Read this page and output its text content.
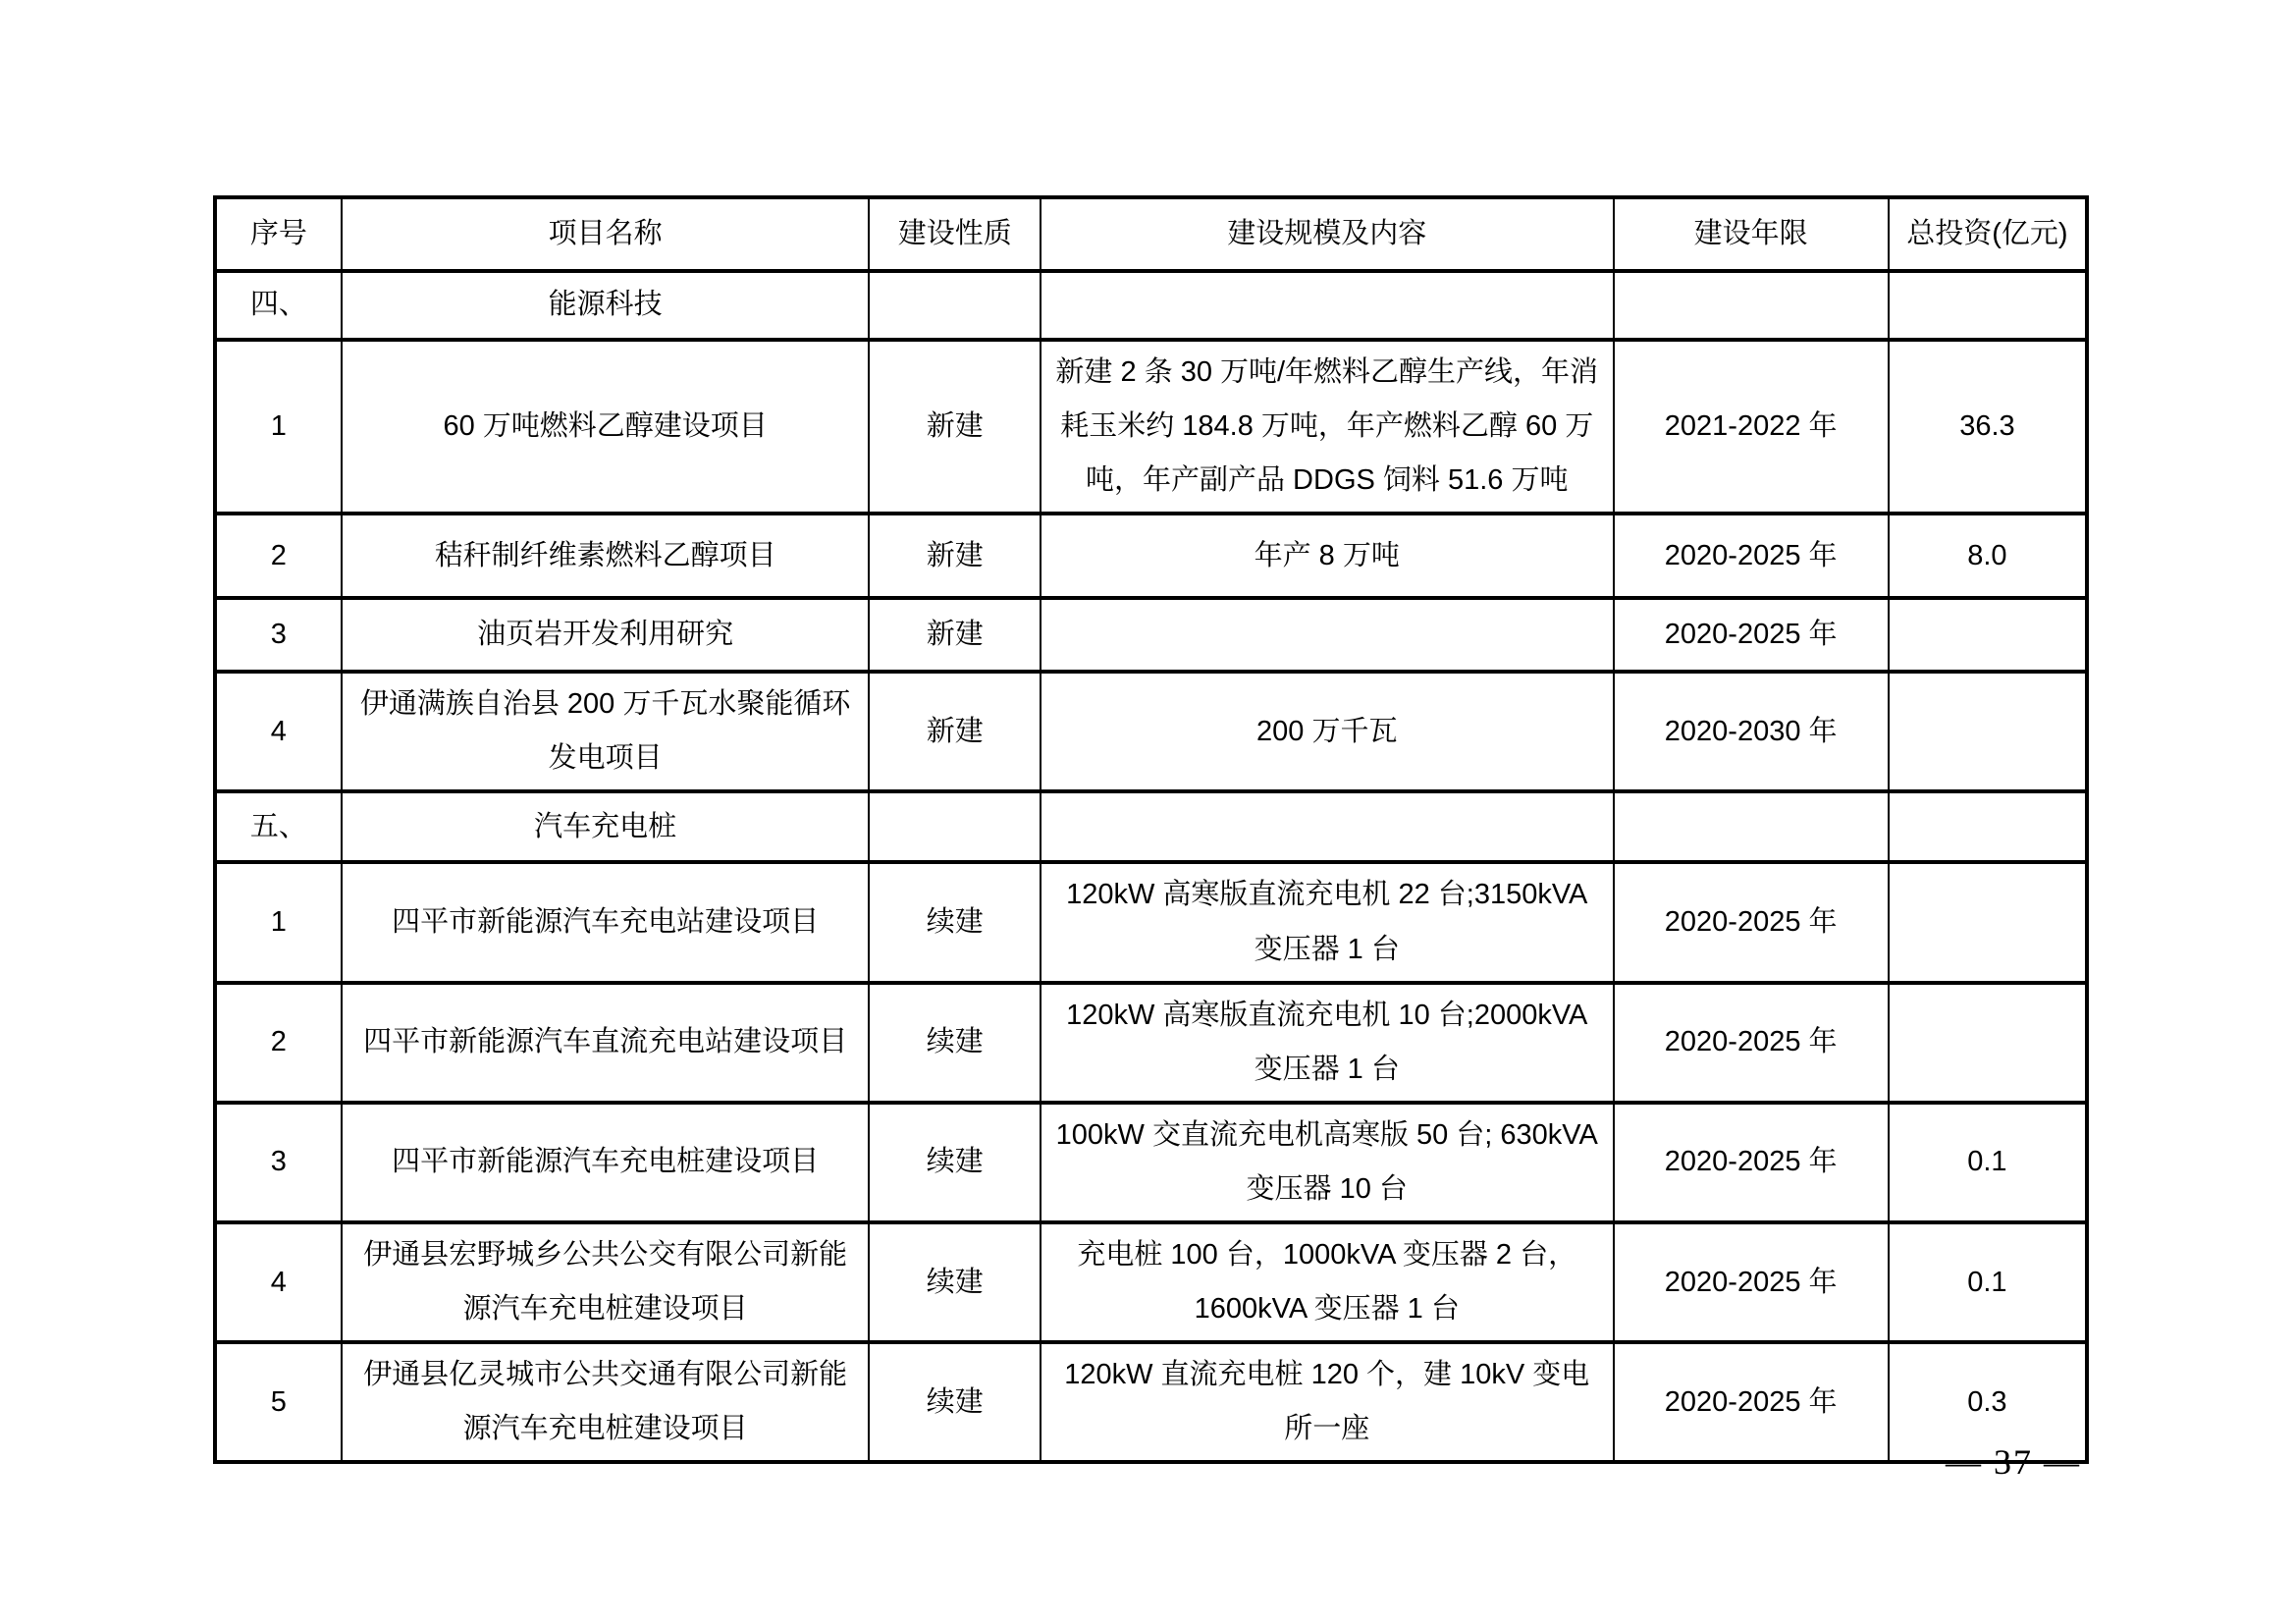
序号	项目名称	建设性质	建设规模及内容	建设年限	总投资(亿元)
四、	能源科技				
1	60 万吨燃料乙醇建设项目	新建	新建 2 条 30 万吨/年燃料乙醇生产线，年消耗玉米约 184.8 万吨，年产燃料乙醇 60 万吨，年产副产品 DDGS 饲料 51.6 万吨	2021-2022 年	36.3
2	秸秆制纤维素燃料乙醇项目	新建	年产 8 万吨	2020-2025 年	8.0
3	油页岩开发利用研究	新建		2020-2025 年	
4	伊通满族自治县 200 万千瓦水聚能循环发电项目	新建	200 万千瓦	2020-2030 年	
五、	汽车充电桩				
1	四平市新能源汽车充电站建设项目	续建	120kW 高寒版直流充电机 22 台;3150kVA 变压器 1 台	2020-2025 年	
2	四平市新能源汽车直流充电站建设项目	续建	120kW 高寒版直流充电机 10 台;2000kVA 变压器 1 台	2020-2025 年	
3	四平市新能源汽车充电桩建设项目	续建	100kW 交直流充电机高寒版 50 台; 630kVA 变压器 10 台	2020-2025 年	0.1
4	伊通县宏野城乡公共公交有限公司新能源汽车充电桩建设项目	续建	充电桩 100 台，1000kVA 变压器 2 台，1600kVA 变压器 1 台	2020-2025 年	0.1
5	伊通县亿灵城市公共交通有限公司新能源汽车充电桩建设项目	续建	120kW 直流充电桩 120 个，建 10kV 变电所一座	2020-2025 年	0.3
— 37 —
